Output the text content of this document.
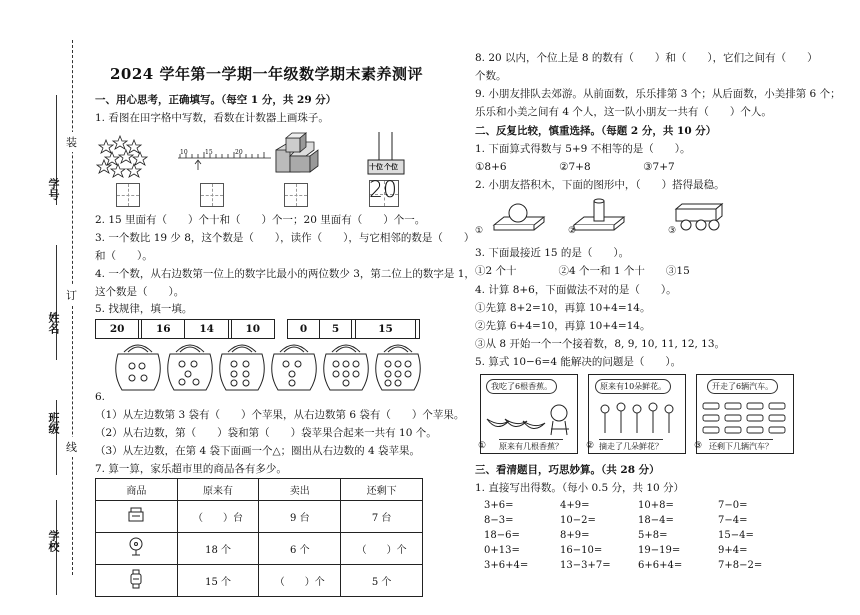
装
订
线
学号
姓名
班级
学校
2024 学年第一学期一年级数学期末素养测评
一、用心思考，正确填写。（每空 1 分，共 29 分）
1. 看图在田字格中写数，看数在计数器上画珠子。
10	15	20
十位 个位
20
2. 15 里面有（　　）个十和（　　）个一；20 里面有（　　）个一。
3. 一个数比 19 少 8，这个数是（　　），读作（　　），与它相邻的数是（　　）
和（　　）。
4. 一个数，从右边数第一位上的数字比最小的两位数少 3，第二位上的数字是 1，
这个数是（　　）。
5. 找规律，填一填。
20		16	14		10	0	5		15	
6.
（1）从左边数第 3 袋有（　　）个苹果，从右边数第 6 袋有（　　）个苹果。
（2）从右边数，第（　　）袋和第（　　）袋苹果合起来一共有 10 个。
（3）从左边数，在第 4 袋下面画一个△；圈出从右边数的 4 袋苹果。
7. 算一算，家乐超市里的商品各有多少。
商品	原来有	卖出	还剩下
	（　　）台	9 台	7 台
	18 个	6 个	（　　）个
	15 个	（　　）个	5 个
8. 20 以内，个位上是 8 的数有（　　）和（　　），它们之间有（　　）
个数。
9. 小朋友排队去郊游。从前面数，乐乐排第 3 个；从后面数，小美排第 6 个；
乐乐和小美之间有 4 个人，这一队小朋友一共有（　　）个人。
二、反复比较，慎重选择。（每题 2 分，共 10 分）
1. 下面算式得数与 5+9 不相等的是（　　）。
①8+6　　　　　②7+8　　　　　③7+7
2. 小朋友搭积木，下面的图形中，（　　）搭得最稳。
①	②	③
3. 下面最接近 15 的是（　　）。
①2 个十　　　　②4 个一和 1 个十　　③15
4. 计算 8+6，下面做法不对的是（　　）。
①先算 8+2=10，再算 10+4=14。
②先算 6+4=10，再算 10+4=14。
③从 8 开始一个一个接着数，8, 9, 10, 11, 12, 13。
5. 算式 10−6=4 能解决的问题是（　　）。
我吃了6根香蕉。
原来有几根香蕉？
①
原来有10朵鲜花。
摘走了几朵鲜花？
②
开走了6辆汽车。
还剩下几辆汽车？
③
三、看清题目，巧思妙算。（共 28 分）
1. 直接写出得数。（每小 0.5 分，共 10 分）
3+6=	4+9=	10+8=	7−0=
8−3=	10−2=	18−4=	7−4=
18−6=	8+9=	5+8=	15−4=
0+13=	16−10=	19−19=	9+4=
3+6+4=	13−3+7=	6+6+4=	7+8−2=
